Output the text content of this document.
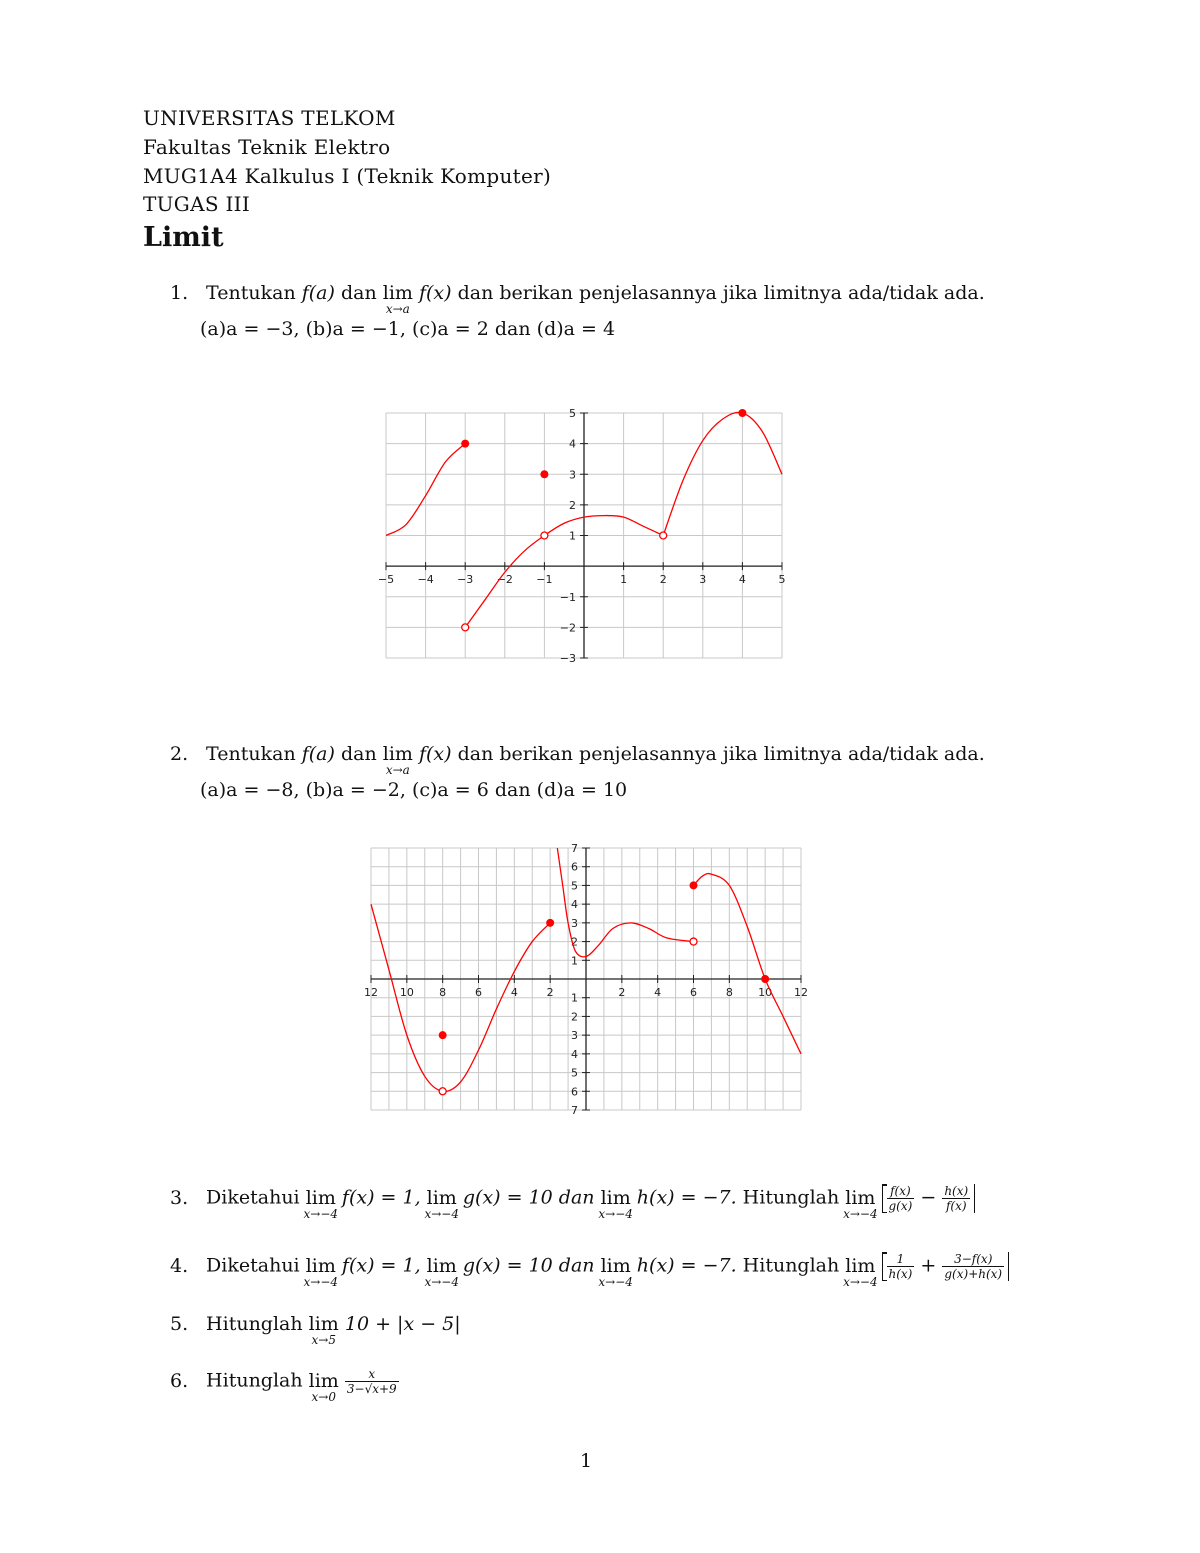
UNIVERSITAS TELKOM
Fakultas Teknik Elektro
MUG1A4 Kalkulus I (Teknik Komputer)
TUGAS III
Limit
1. Tentukan f(a) dan lim
x→a
f(x) dan berikan penjelasannya jika limitnya ada/tidak ada.
(a)a = −3, (b)a = −1, (c)a = 2 dan (d)a = 4
−5 −4 −3 −2 −1	1	2	3	4	5
−3
−2
−1
1
2
3
4
5
2. Tentukan f(a) dan lim
x→a
f(x) dan berikan penjelasannya jika limitnya ada/tidak ada.
(a)a = −8, (b)a = −2, (c)a = 6 dan (d)a = 10
12 10 8	6	4	2	2	4	6	8 10 12
7
6
5
4
3
2
1
1
2
3
4
5
6
7
3. Diketahui lim
x→−4
f(x) = 1, lim
x→−4
g(x) = 10 dan lim
x→−4
h(x) = −7. Hitunglah lim
x→−4

$\frac{f(x)}{g(x)} - \frac{h(x)}{f(x)}$
4. Diketahui lim
x→−4
f(x) = 1, lim
x→−4
g(x) = 10 dan lim
x→−4
h(x) = −7. Hitunglah lim
x→−4

$\frac{1}{h(x)} + \frac{3-f(x)}{g(x)+h(x)}$
5. Hitunglah lim
x→5
10 + |x − 5|
6. Hitunglah lim
x→0

$\frac{x}{3-√x+9}$
1
